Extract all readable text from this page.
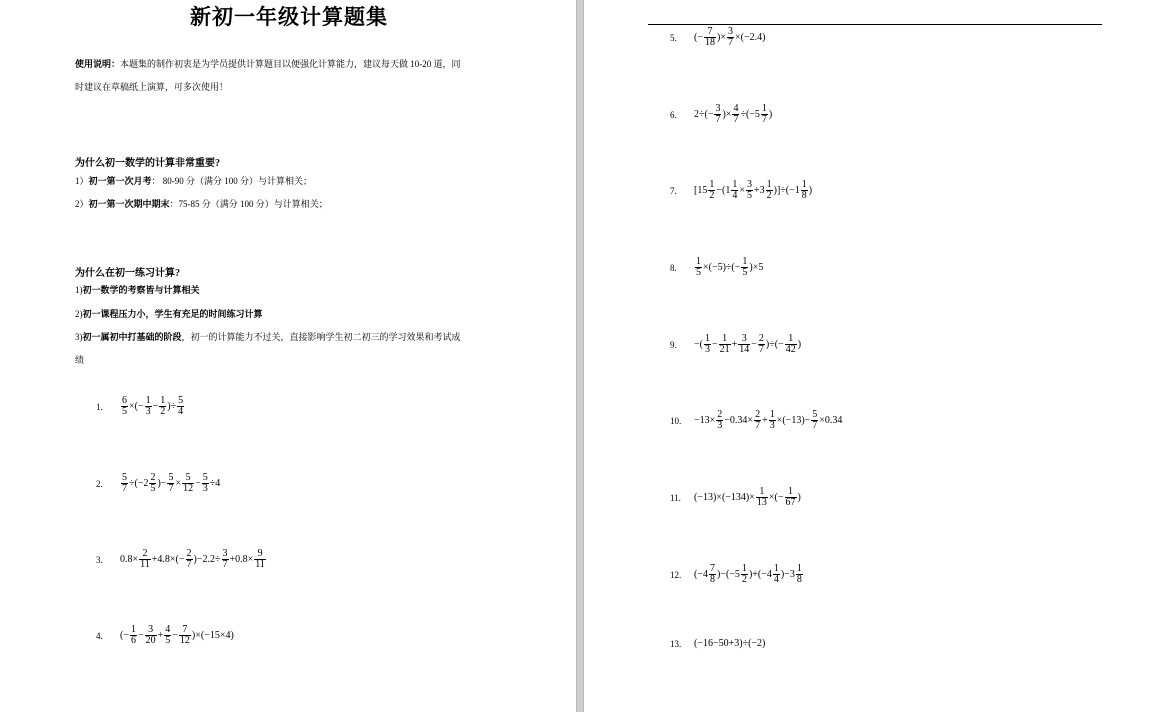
新初一年级计算题集
使用说明：本题集的制作初衷是为学员提供计算题目以便强化计算能力，建议每天做 10-20 道，同
时建议在草稿纸上演算，可多次使用！
为什么初一数学的计算非常重要?
1）初一第一次月考： 80-90 分（满分 100 分）与计算相关；
2）初一第一次期中期末：75-85 分（满分 100 分）与计算相关；
为什么在初一练习计算?
1)初一数学的考察皆与计算相关
2)初一课程压力小，学生有充足的时间练习计算
3)初一属初中打基础的阶段，初一的计算能力不过关，直接影响学生初二初三的学习效果和考试成
绩
1.	$\frac{6}{5}$ ×(− $\frac{1}{3} - \frac{1}{2}$ )÷ $\frac{5}{4}$
2.	$\frac{5}{7} \div(-2 \frac{2}{5}$ )− $\frac{5}{7} \times \frac{5}{12} - \frac{5}{3} \div 4$
3.	$0.8\times \frac{2}{11} +4.8\times(- \frac{2}{7} )-2.2\div \frac{3}{7} +0.8\times \frac{9}{11}$
4.	(− $\frac{1}{6} - \frac{3}{20} + \frac{4}{5} - \frac{7}{12} )\times(-15\times 4)$
5.	(− $\frac{7}{18}$ )× $\frac{3}{7} \times(-2.4)$
6.	$2\div(- \frac{3}{7}$ )× $\frac{4}{7} \div(-5 \frac{1}{7}$ )
7.	$[15 \frac{1}{2} -(1 \frac{1}{4} \times \frac{3}{5} +3 \frac{1}{2} )]\div(-1 \frac{1}{8}$ )
8.	$\frac{1}{5} \times(-5)\div(- \frac{1}{5} )\times 5$
9.	−( $\frac{1}{3} - \frac{1}{21} + \frac{3}{14} - \frac{2}{7}$ )÷(− $\frac{1}{42}$ )
10.	$-13\times \frac{2}{3} -0.34\times \frac{2}{7} + \frac{1}{3} \times(-13)- \frac{5}{7} \times 0.34$
11.	$(-13)\times(-134)\times \frac{1}{13}$ ×(− $\frac{1}{67}$ )
12.	$(-4 \frac{7}{8} )-(-5 \frac{1}{2} )+(-4 \frac{1}{4} )-3 \frac{1}{8}$
13.	(−16−50+3)÷(−2)
